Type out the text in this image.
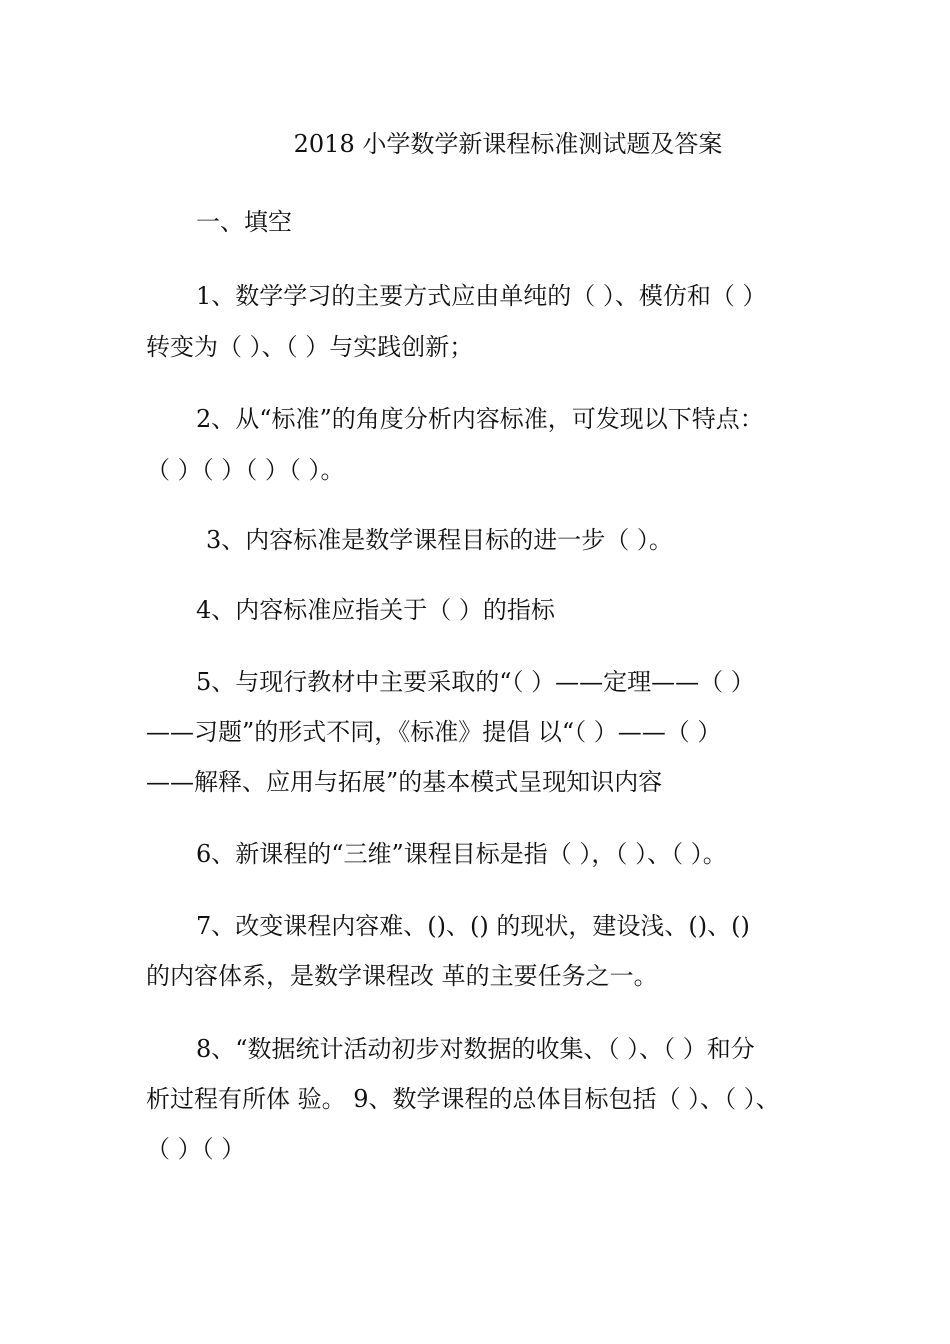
2018 小学数学新课程标准测试题及答案
一、填空
1、数学学习的主要方式应由单纯的（ ）、模仿和（ ）
转变为（ ）、（ ）与实践创新；
2、从“标准”的角度分析内容标准，可发现以下特点：
（ ）（ ）（ ）（ ）。
3、内容标准是数学课程目标的进一步（ ）。
4、内容标准应指关于（ ）的指标
5、与现行教材中主要采取的“（ ）——定理——（ ）
——习题”的形式不同，《标准》提倡 以“（ ）——（ ）
——解释、应用与拓展”的基本模式呈现知识内容
6、新课程的“三维”课程目标是指（ ），（ ）、（ ）。
7、改变课程内容难、()、() 的现状，建设浅、()、()
的内容体系，是数学课程改 革的主要任务之一。
8、“数据统计活动初步对数据的收集、（ ）、（ ）和分
析过程有所体 验。 9、数学课程的总体目标包括（ ）、（ ）、
（ ）（ ）
